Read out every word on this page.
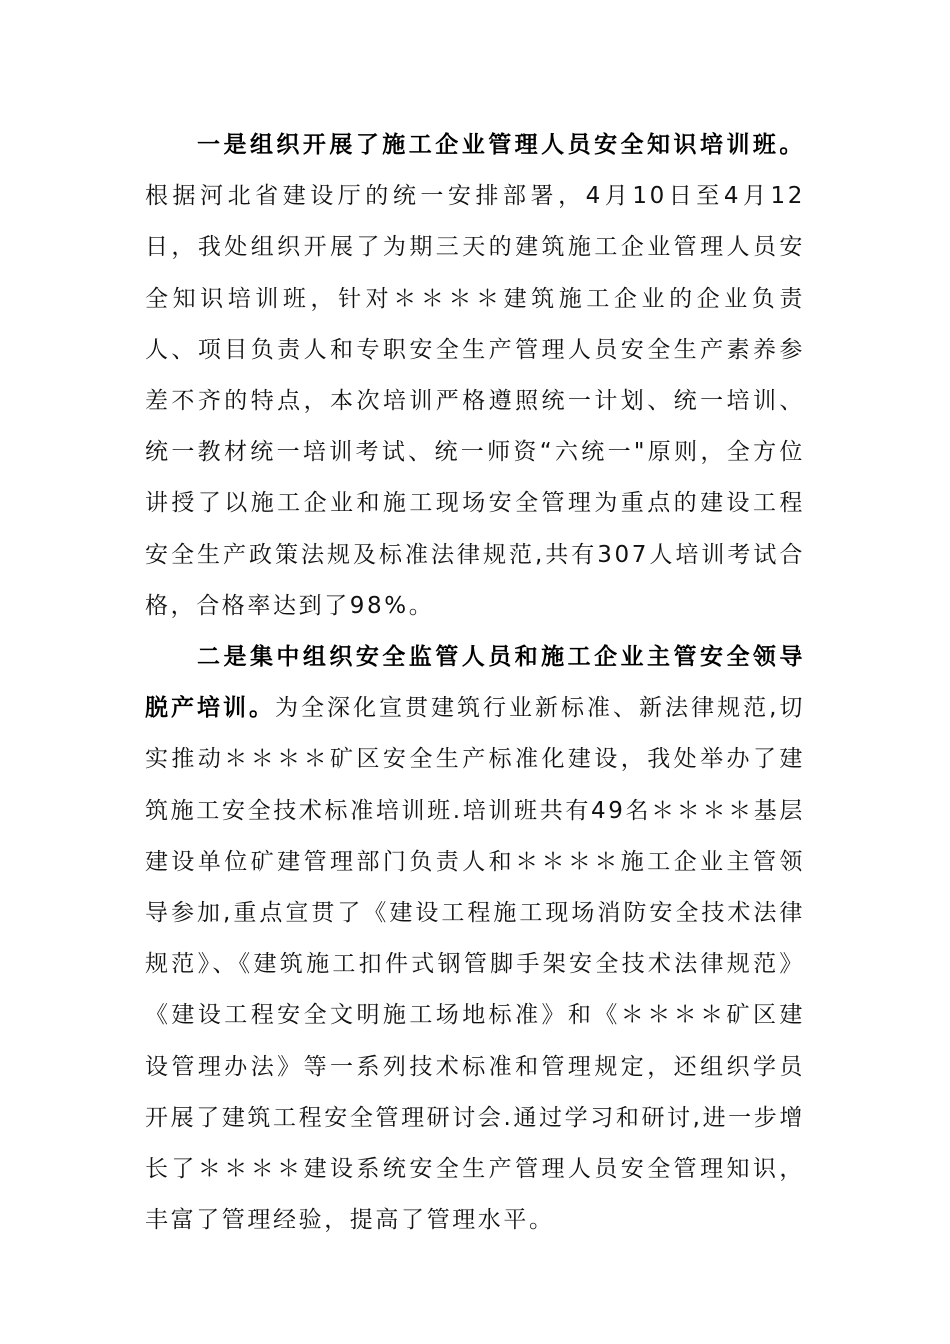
一是组织开展了施工企业管理人员安全知识培训班。根据河北省建设厅的统一安排部署，4月10日至4月12日，我处组织开展了为期三天的建筑施工企业管理人员安全知识培训班，针对＊＊＊＊建筑施工企业的企业负责人、项目负责人和专职安全生产管理人员安全生产素养参差不齐的特点，本次培训严格遵照统一计划、统一培训、统一教材统一培训考试、统一师资“六统一"原则，全方位讲授了以施工企业和施工现场安全管理为重点的建设工程安全生产政策法规及标准法律规范,共有307人培训考试合格，合格率达到了98%。

二是集中组织安全监管人员和施工企业主管安全领导脱产培训。为全深化宣贯建筑行业新标准、新法律规范,切实推动＊＊＊＊矿区安全生产标准化建设，我处举办了建筑施工安全技术标准培训班.培训班共有49名＊＊＊＊基层建设单位矿建管理部门负责人和＊＊＊＊施工企业主管领导参加,重点宣贯了《建设工程施工现场消防安全技术法律规范》、《建筑施工扣件式钢管脚手架安全技术法律规范》《建设工程安全文明施工场地标准》和《＊＊＊＊矿区建设管理办法》等一系列技术标准和管理规定，还组织学员开展了建筑工程安全管理研讨会.通过学习和研讨,进一步增长了＊＊＊＊建设系统安全生产管理人员安全管理知识，丰富了管理经验，提高了管理水平。
